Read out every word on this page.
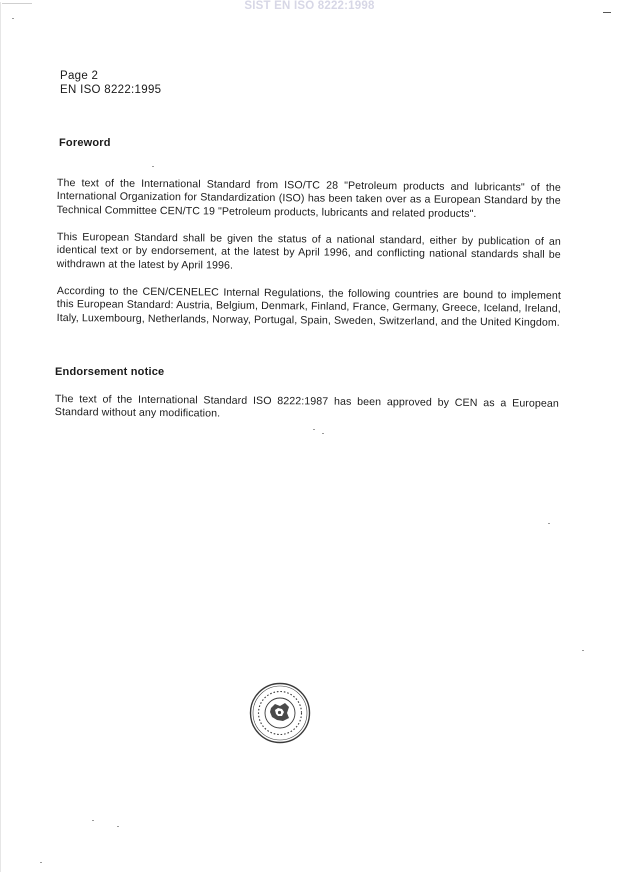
SIST EN ISO 8222:1998
Page 2
EN ISO 8222:1995
Foreword

The text of the International Standard from ISO/TC 28 "Petroleum products and lubricants" of the International Organization for Standardization (ISO) has been taken over as a European Standard by the Technical Committee CEN/TC 19 "Petroleum products, lubricants and related products".

This European Standard shall be given the status of a national standard, either by publication of an identical text or by endorsement, at the latest by April 1996, and conflicting national standards shall be withdrawn at the latest by April 1996.

According to the CEN/CENELEC Internal Regulations, the following countries are bound to implement this European Standard: Austria, Belgium, Denmark, Finland, France, Germany, Greece, Iceland, Ireland, Italy, Luxembourg, Netherlands, Norway, Portugal, Spain, Sweden, Switzerland, and the United Kingdom.

Endorsement notice

The text of the International Standard ISO 8222:1987 has been approved by CEN as a European Standard without any modification.
